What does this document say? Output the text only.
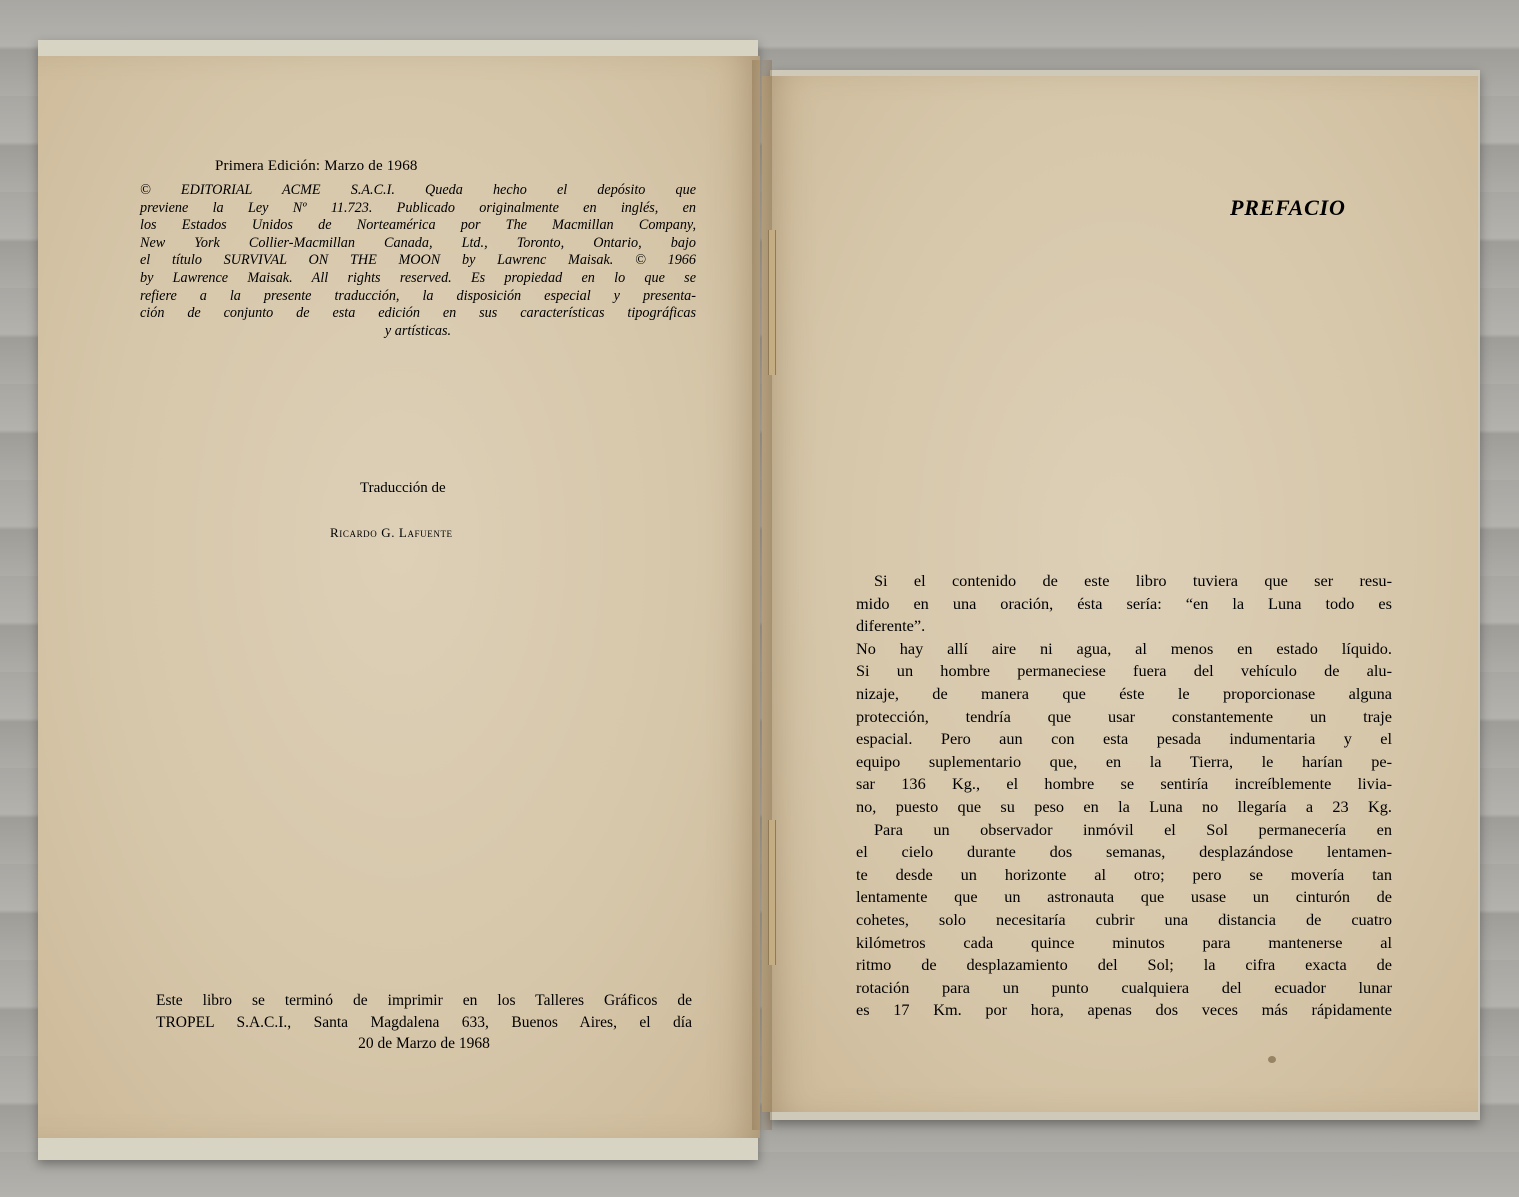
Primera Edición: Marzo de 1968
© EDITORIAL ACME S.A.C.I. Queda hecho el depósito que
previene la Ley Nº 11.723. Publicado originalmente en inglés, en
los Estados Unidos de Norteamérica por The Macmillan Company,
New York Collier-Macmillan Canada, Ltd., Toronto, Ontario, bajo
el título SURVIVAL ON THE MOON by Lawrenc Maisak. © 1966
by Lawrence Maisak. All rights reserved. Es propiedad en lo que se
refiere a la presente traducción, la disposición especial y presenta-
ción de conjunto de esta edición en sus características tipográficas
y artísticas.
Traducción de
Ricardo G. Lafuente
Este libro se terminó de imprimir en los Talleres Gráficos de
TROPEL S.A.C.I., Santa Magdalena 633, Buenos Aires, el día
20 de Marzo de 1968
PREFACIO
Si el contenido de este libro tuviera que ser resu-
mido en una oración, ésta sería: “en la Luna todo es
diferente”.
No hay allí aire ni agua, al menos en estado líquido.
Si un hombre permaneciese fuera del vehículo de alu-
nizaje, de manera que éste le proporcionase alguna
protección, tendría que usar constantemente un traje
espacial. Pero aun con esta pesada indumentaria y el
equipo suplementario que, en la Tierra, le harían pe-
sar 136 Kg., el hombre se sentiría increíblemente livia-
no, puesto que su peso en la Luna no llegaría a 23 Kg.
Para un observador inmóvil el Sol permanecería en
el cielo durante dos semanas, desplazándose lentamen-
te desde un horizonte al otro; pero se movería tan
lentamente que un astronauta que usase un cinturón de
cohetes, solo necesitaría cubrir una distancia de cuatro
kilómetros cada quince minutos para mantenerse al
ritmo de desplazamiento del Sol; la cifra exacta de
rotación para un punto cualquiera del ecuador lunar
es 17 Km. por hora, apenas dos veces más rápidamente
